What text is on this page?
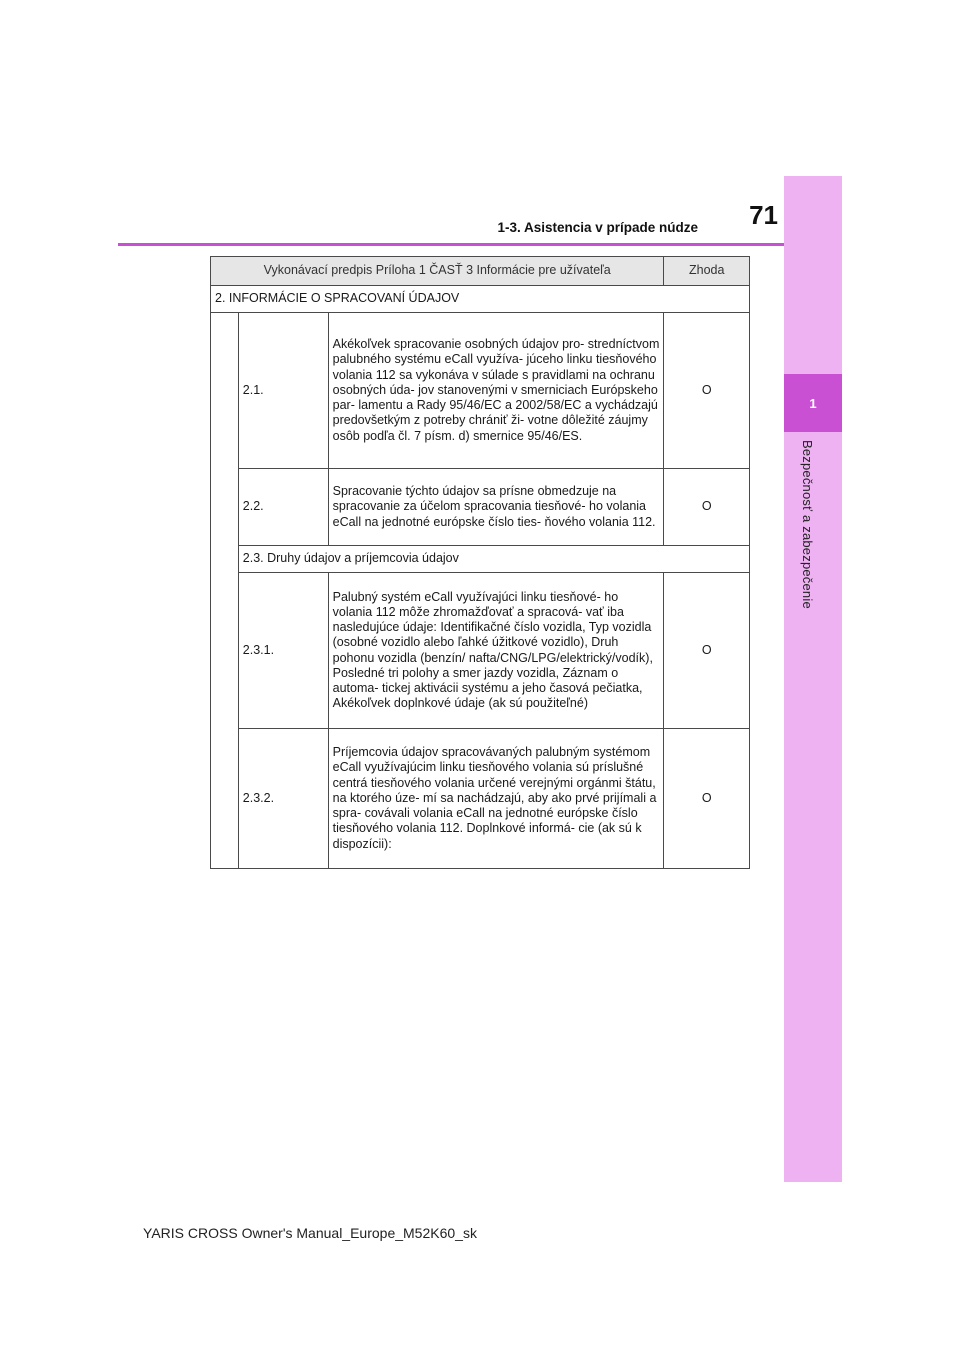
1
Bezpečnosť a zabezpečenie
71
1-3. Asistencia v prípade núdze
Vykonávací predpis Príloha 1 ČASŤ 3 Informácie pre užívateľa			Zhoda
2. INFORMÁCIE O SPRACOVANÍ ÚDAJOV			
	2.1.	Akékoľvek spracovanie osobných údajov pro- stredníctvom palubného systému eCall využíva- júceho linku tiesňového volania 112 sa vykonáva v súlade s pravidlami na ochranu osobných úda- jov stanovenými v smerniciach Európskeho par- lamentu a Rady 95/46/EC a 2002/58/EC a vychádzajú predovšetkým z potreby chrániť ži- votne dôležité záujmy osôb podľa čl. 7 písm. d) smernice 95/46/ES.	O
	2.2.	Spracovanie týchto údajov sa prísne obmedzuje na spracovanie za účelom spracovania tiesňové- ho volania eCall na jednotné európske číslo ties- ňového volania 112.	O
	2.3. Druhy údajov a príjemcovia údajov		
	2.3.1.	Palubný systém eCall využívajúci linku tiesňové- ho volania 112 môže zhromažďovať a spracová- vať iba nasledujúce údaje: Identifikačné číslo vozidla, Typ vozidla (osobné vozidlo alebo ľahké úžitkové vozidlo), Druh pohonu vozidla (benzín/ nafta/CNG/LPG/elektrický/vodík), Posledné tri polohy a smer jazdy vozidla, Záznam o automa- tickej aktivácii systému a jeho časová pečiatka, Akékoľvek doplnkové údaje (ak sú použiteľné)	O
	2.3.2.	Príjemcovia údajov spracovávaných palubným systémom eCall využívajúcim linku tiesňového volania sú príslušné centrá tiesňového volania určené verejnými orgánmi štátu, na ktorého úze- mí sa nachádzajú, aby ako prvé prijímali a spra- covávali volania eCall na jednotné európske číslo tiesňového volania 112. Doplnkové informá- cie (ak sú k dispozícii):	O
YARIS CROSS Owner's Manual_Europe_M52K60_sk
